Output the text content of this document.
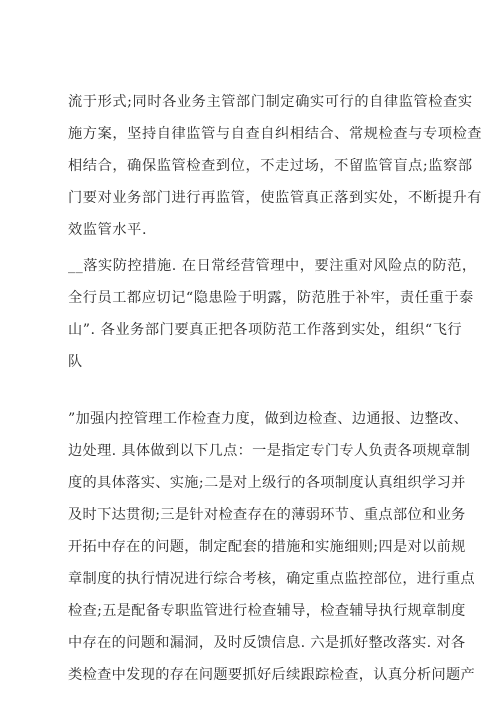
流于形式;同时各业务主管部门制定确实可行的自律监管检查实
施方案，坚持自律监管与自查自纠相结合、常规检查与专项检查
相结合，确保监管检查到位，不走过场，不留监管盲点;监察部
门要对业务部门进行再监管，使监管真正落到实处，不断提升有
效监管水平.
__落实防控措施. 在日常经营管理中，要注重对风险点的防范，
全行员工都应切记“隐患险于明露，防范胜于补牢，责任重于泰
山”. 各业务部门要真正把各项防范工作落到实处，组织“飞行
队
”加强内控管理工作检查力度，做到边检查、边通报、边整改、
边处理. 具体做到以下几点：一是指定专门专人负责各项规章制
度的具体落实、实施;二是对上级行的各项制度认真组织学习并
及时下达贯彻;三是针对检查存在的薄弱环节、重点部位和业务
开拓中存在的问题，制定配套的措施和实施细则;四是对以前规
章制度的执行情况进行综合考核，确定重点监控部位，进行重点
检查;五是配备专职监管进行检查辅导，检查辅导执行规章制度
中存在的问题和漏洞，及时反馈信息. 六是抓好整改落实. 对各
类检查中发现的存在问题要抓好后续跟踪检查，认真分析问题产
